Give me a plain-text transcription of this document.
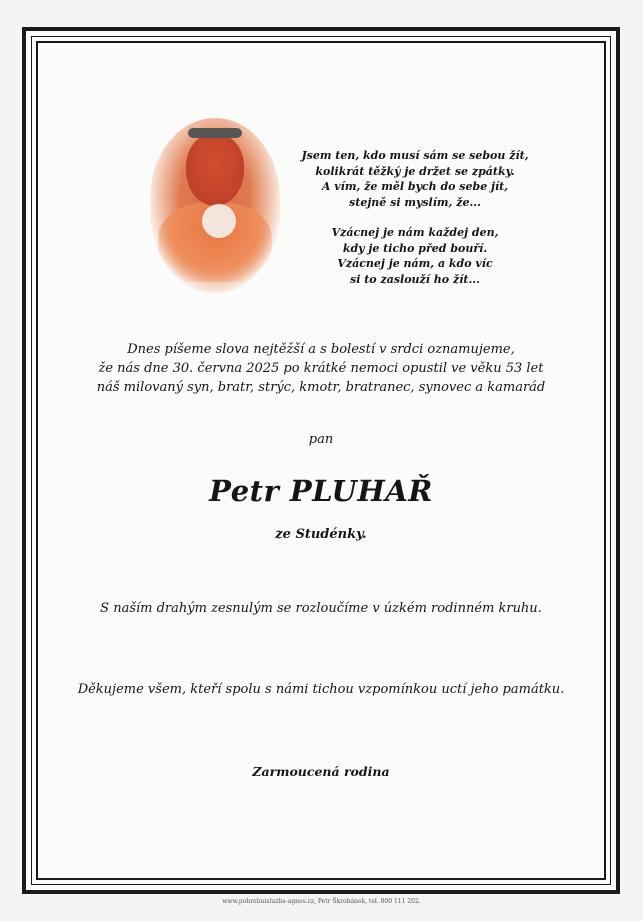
Jsem ten, kdo musí sám se sebou žít,
kolikrát těžký je držet se zpátky.
A vím, že měl bych do sebe jít,
stejně si myslím, že...
Vzácnej je nám každej den,
kdy je ticho před bouří.
Vzácnej je nám, a kdo víc
si to zaslouží ho žít...
Dnes píšeme slova nejtěžší a s bolestí v srdci oznamujeme,
že nás dne 30. června 2025 po krátké nemoci opustil ve věku 53 let
náš milovaný syn, bratr, strýc, kmotr, bratranec, synovec a kamarád
pan
Petr PLUHAŘ
ze Studénky.
S naším drahým zesnulým se rozloučíme v úzkém rodinném kruhu.
Děkujeme všem, kteří spolu s námi tichou vzpomínkou uctí jeho památku.
Zarmoucená rodina
www.pohrebnisluzba-agnes.cz, Petr Škrobánek, tel. 800 111 202.
